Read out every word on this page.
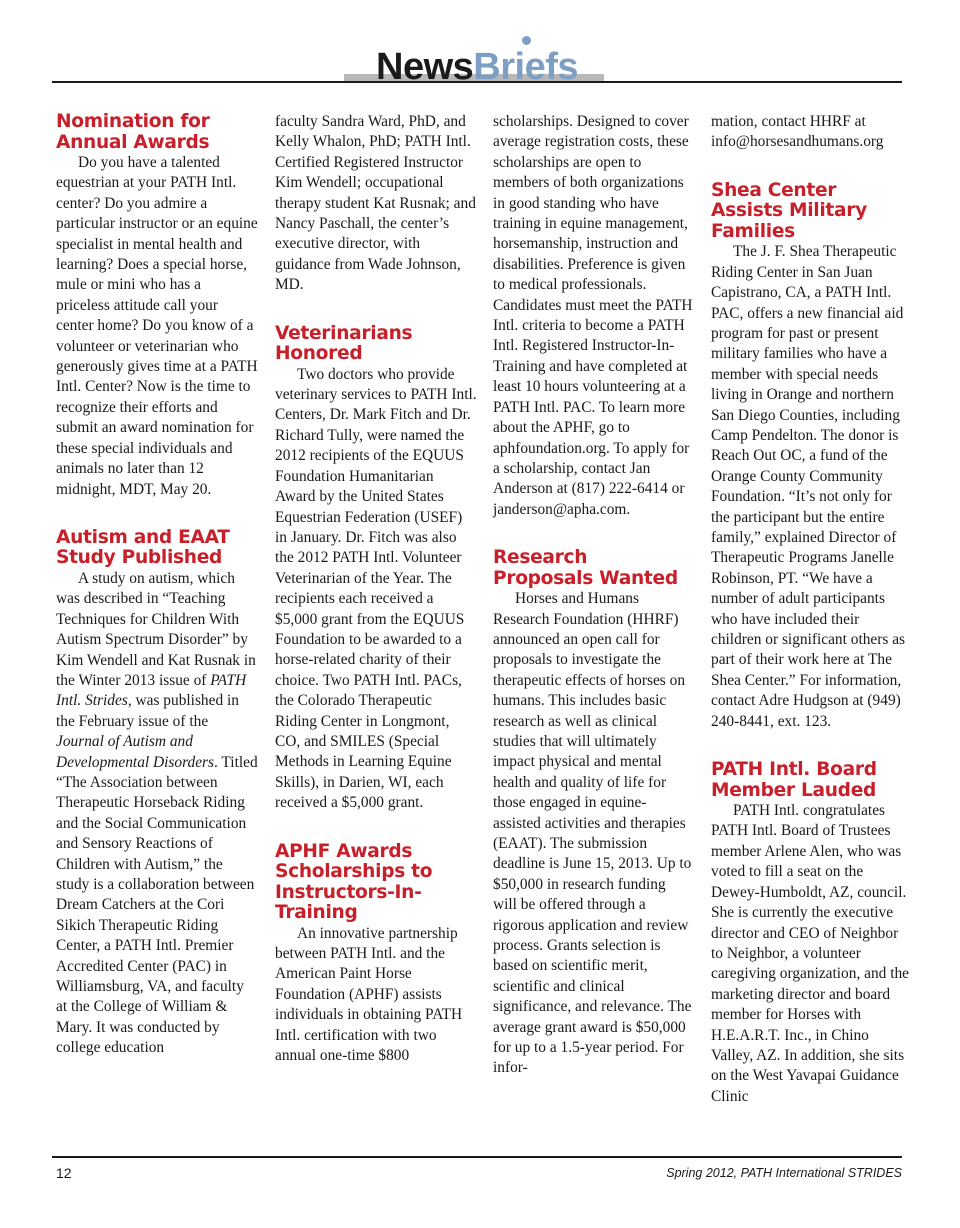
NewsBriefs
Nomination for Annual Awards

Do you have a talented equestrian at your PATH Intl. center? Do you admire a particular instructor or an equine specialist in mental health and learning? Does a special horse, mule or mini who has a priceless attitude call your center home? Do you know of a volunteer or veterinarian who generously gives time at a PATH Intl. Center? Now is the time to recognize their efforts and submit an award nomination for these special individuals and animals no later than 12 midnight, MDT, May 20.

Autism and EAAT Study Published

A study on autism, which was described in “Teaching Techniques for Children With Autism Spectrum Disorder” by Kim Wendell and Kat Rusnak in the Winter 2013 issue of PATH Intl. Strides, was published in the February issue of the Journal of Autism and Developmental Disorders. Titled “The Association between Therapeutic Horseback Riding and the Social Communication and Sensory Reactions of Children with Autism,” the study is a collaboration between Dream Catchers at the Cori Sikich Therapeutic Riding Center, a PATH Intl. Premier Accredited Center (PAC) in Williamsburg, VA, and faculty at the College of William & Mary. It was conducted by college education

faculty Sandra Ward, PhD, and Kelly Whalon, PhD; PATH Intl. Certified Registered Instructor Kim Wendell; occupational therapy student Kat Rusnak; and Nancy Paschall, the center’s executive director, with guidance from Wade Johnson, MD.

Veterinarians Honored

Two doctors who provide veterinary services to PATH Intl. Centers, Dr. Mark Fitch and Dr. Richard Tully, were named the 2012 recipients of the EQUUS Foundation Humanitarian Award by the United States Equestrian Federation (USEF) in January. Dr. Fitch was also the 2012 PATH Intl. Volunteer Veterinarian of the Year. The recipients each received a $5,000 grant from the EQUUS Foundation to be awarded to a horse-related charity of their choice. Two PATH Intl. PACs, the Colorado Therapeutic Riding Center in Longmont, CO, and SMILES (Special Methods in Learning Equine Skills), in Darien, WI, each received a $5,000 grant.

APHF Awards Scholarships to Instructors-In-Training

An innovative partnership between PATH Intl. and the American Paint Horse Foundation (APHF) assists individuals in obtaining PATH Intl. certification with two annual one-time $800

scholarships. Designed to cover average registration costs, these scholarships are open to members of both organizations in good standing who have training in equine management, horsemanship, instruction and disabilities. Preference is given to medical professionals. Candidates must meet the PATH Intl. criteria to become a PATH Intl. Registered Instructor-In-Training and have completed at least 10 hours volunteering at a PATH Intl. PAC. To learn more about the APHF, go to aphfoundation.org. To apply for a scholarship, contact Jan Anderson at (817) 222-6414 or janderson@apha.com.

Research Proposals Wanted

Horses and Humans Research Foundation (HHRF) announced an open call for proposals to investigate the therapeutic effects of horses on humans. This includes basic research as well as clinical studies that will ultimately impact physical and mental health and quality of life for those engaged in equine-assisted activities and therapies (EAAT). The submission deadline is June 15, 2013. Up to $50,000 in research funding will be offered through a rigorous application and review process. Grants selection is based on scientific merit, scientific and clinical significance, and relevance. The average grant award is $50,000 for up to a 1.5-year period. For infor-

mation, contact HHRF at info@horsesandhumans.org

Shea Center Assists Military Families

The J. F. Shea Therapeutic Riding Center in San Juan Capistrano, CA, a PATH Intl. PAC, offers a new financial aid program for past or present military families who have a member with special needs living in Orange and northern San Diego Counties, including Camp Pendelton. The donor is Reach Out OC, a fund of the Orange County Community Foundation. “It’s not only for the participant but the entire family,” explained Director of Therapeutic Programs Janelle Robinson, PT. “We have a number of adult participants who have included their children or significant others as part of their work here at The Shea Center.” For information, contact Adre Hudgson at (949) 240-8441, ext. 123.

PATH Intl. Board Member Lauded

PATH Intl. congratulates PATH Intl. Board of Trustees member Arlene Alen, who was voted to fill a seat on the Dewey-Humboldt, AZ, council. She is currently the executive director and CEO of Neighbor to Neighbor, a volunteer caregiving organization, and the marketing director and board member for Horses with H.E.A.R.T. Inc., in Chino Valley, AZ. In addition, she sits on the West Yavapai Guidance Clinic

12	Spring 2012, PATH International STRIDES
